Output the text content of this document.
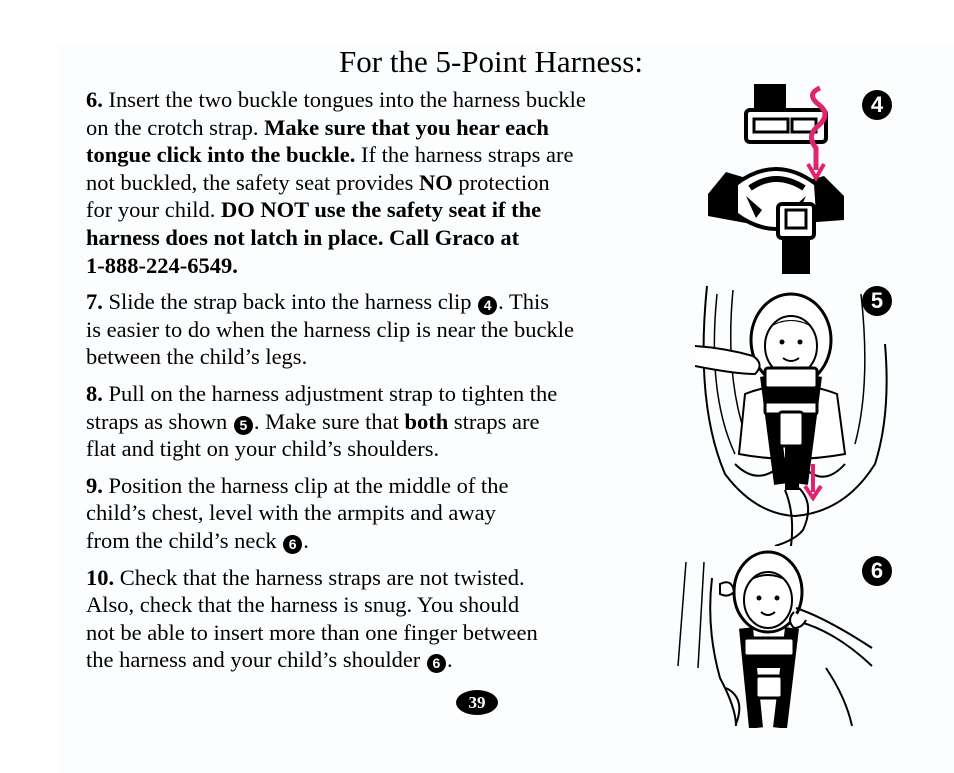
For the 5-Point Harness:
6. Insert the two buckle tongues into the harness buckle
on the crotch strap. Make sure that you hear each
tongue click into the buckle. If the harness straps are
not buckled, the safety seat provides NO protection
for your child. DO NOT use the safety seat if the
harness does not latch in place. Call Graco at
1-888-224-6549.
7. Slide the strap back into the harness clip 4 . This
is easier to do when the harness clip is near the buckle
between the child’s legs.
8. Pull on the harness adjustment strap to tighten the
straps as shown 5 . Make sure that both straps are
flat and tight on your child’s shoulders.
9. Position the harness clip at the middle of the
child’s chest, level with the armpits and away
from the child’s neck 6 .
10. Check that the harness straps are not twisted.
Also, check that the harness is snug. You should
not be able to insert more than one finger between
the harness and your child’s shoulder 6 .
4
5
6
39
